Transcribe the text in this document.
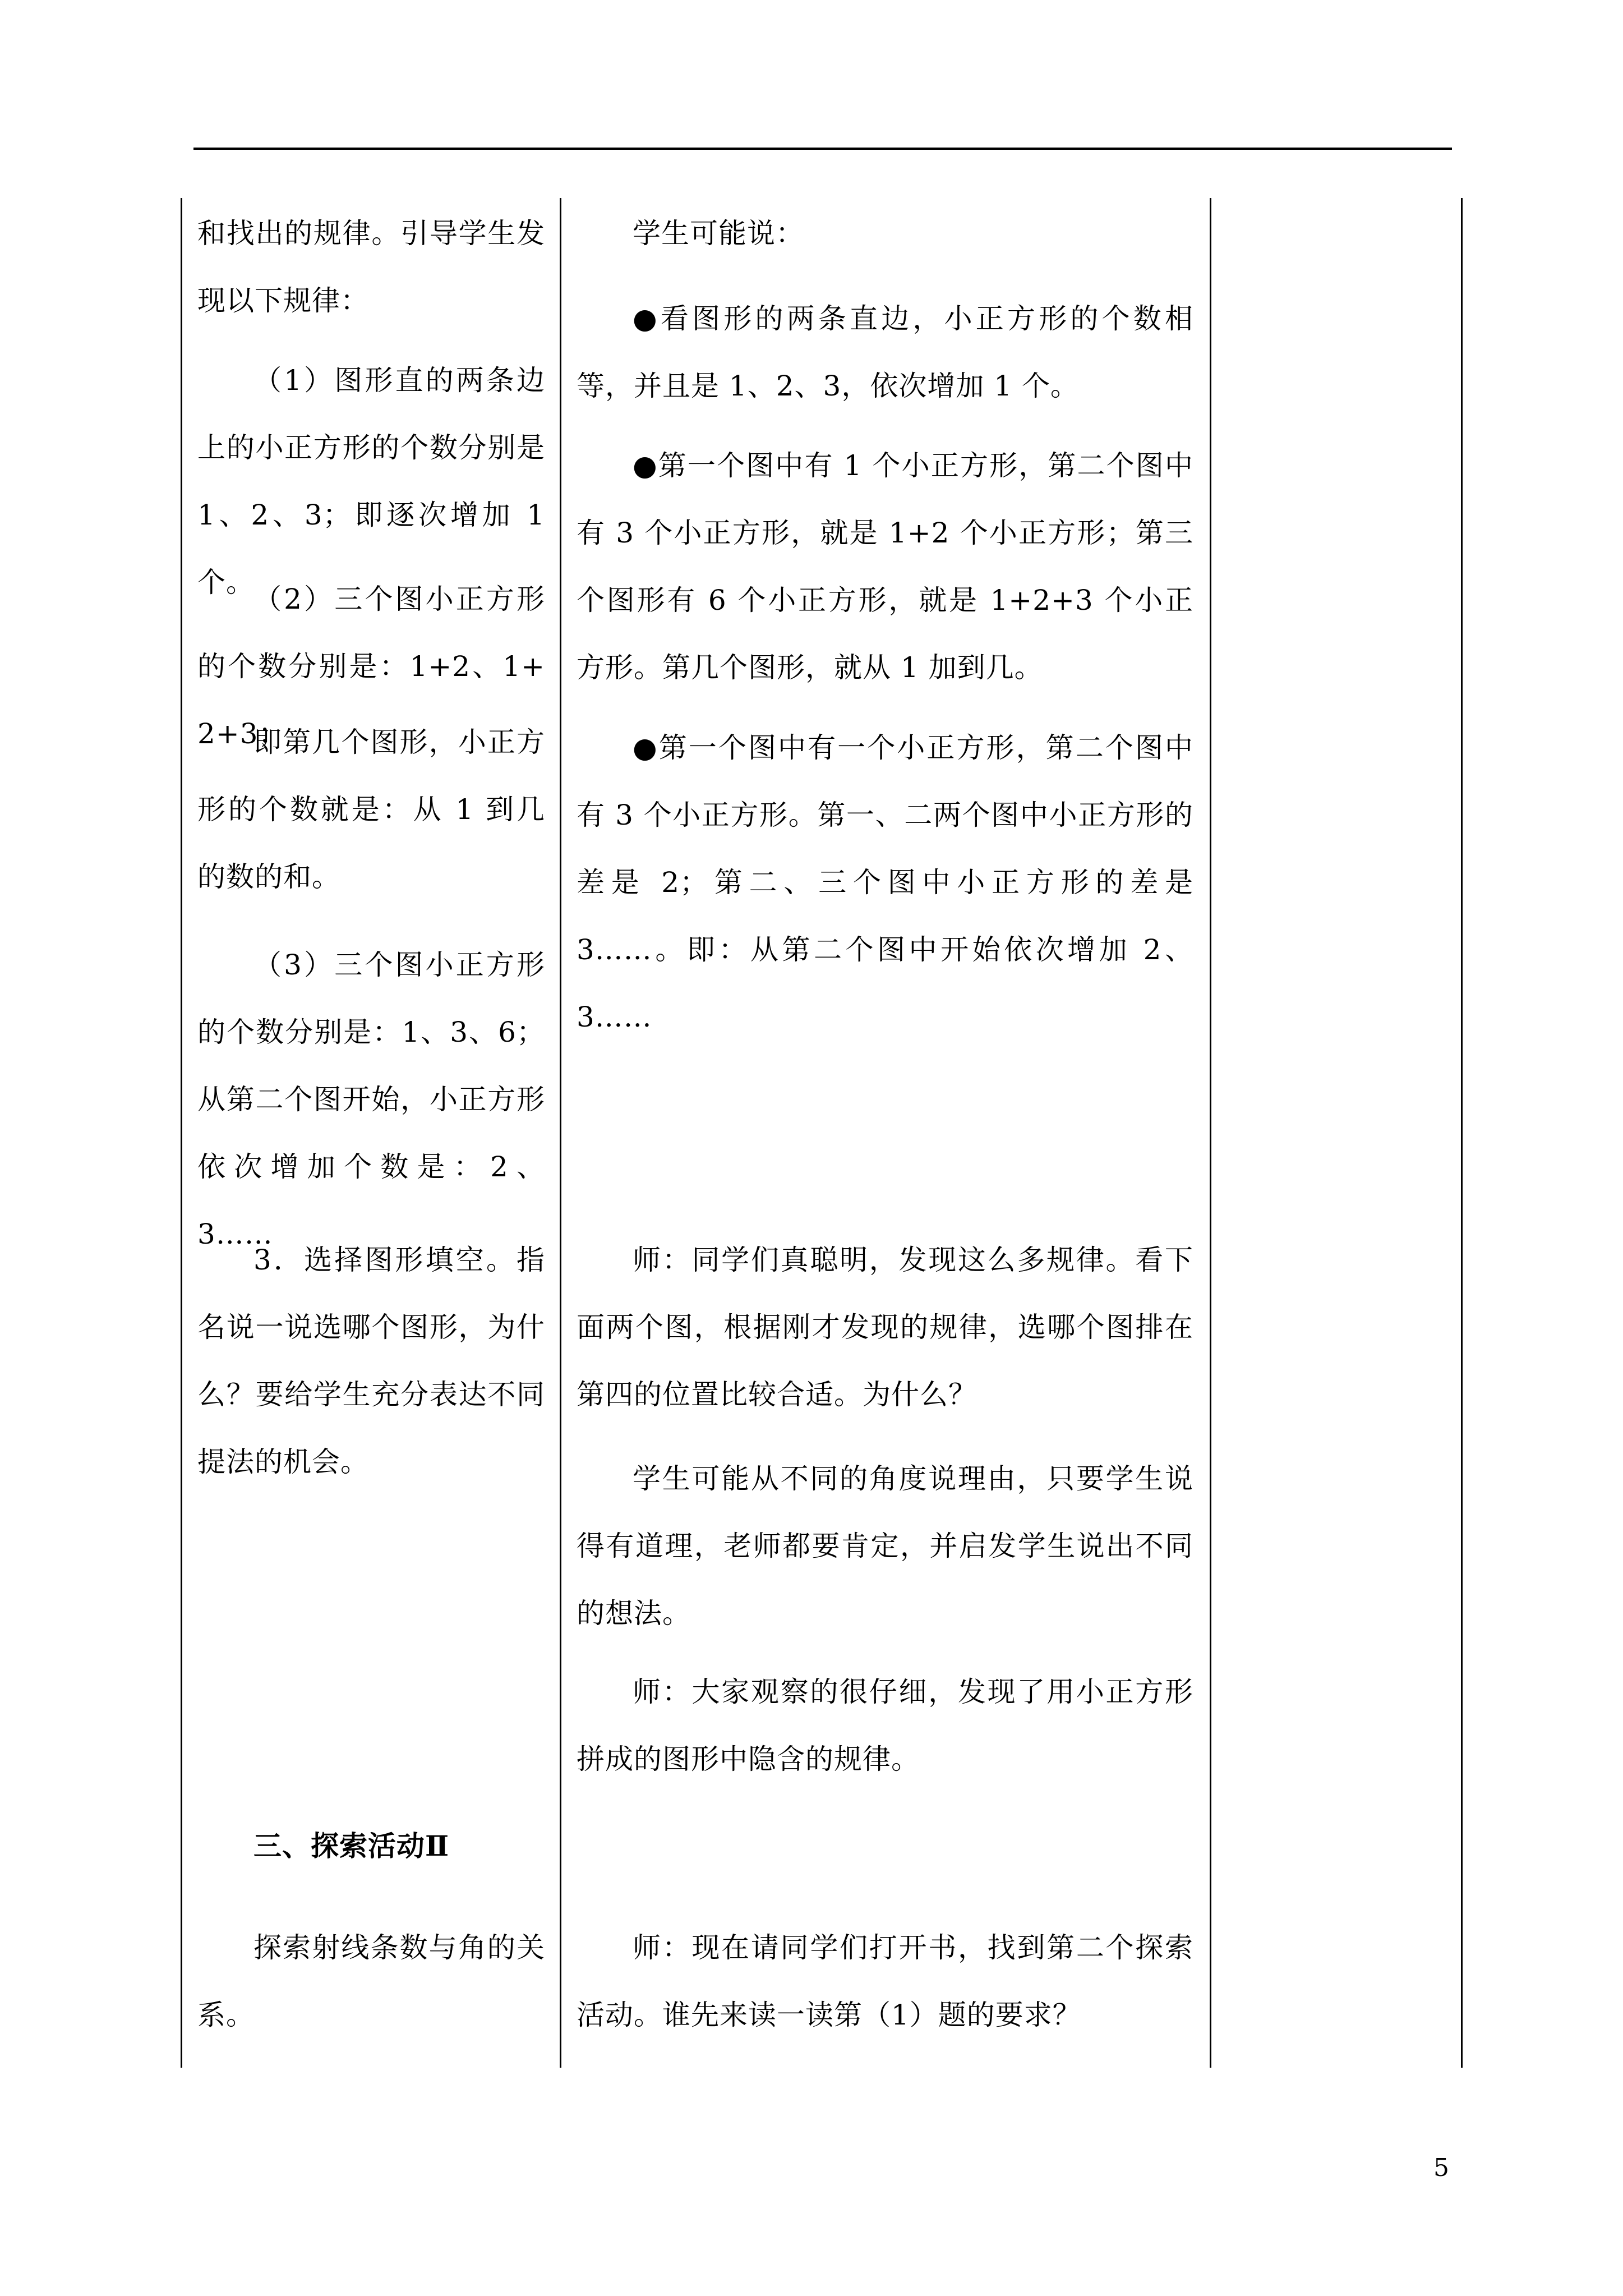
和找出的规律。引导学生发现以下规律：

（1）图形直的两条边上的小正方形的个数分别是1、2、3；即逐次增加 1 个。

（2）三个图小正方形的个数分别是：1+2、1+2+3；

即第几个图形，小正方形的个数就是：从 1 到几的数的和。

（3）三个图小正方形的个数分别是：1、3、6；从第二个图开始，小正方形依次增加个数是：2、3……

3．选择图形填空。指名说一说选哪个图形，为什么？要给学生充分表达不同提法的机会。

三、探索活动Ⅱ

探索射线条数与角的关系。

学生可能说：

●看图形的两条直边，小正方形的个数相等，并且是 1、2、3，依次增加 1 个。

●第一个图中有 1 个小正方形，第二个图中有 3 个小正方形，就是 1+2 个小正方形；第三个图形有 6 个小正方形，就是 1+2+3 个小正方形。第几个图形，就从 1 加到几。

●第一个图中有一个小正方形，第二个图中有 3 个小正方形。第一、二两个图中小正方形的差是 2；第二、三个图中小正方形的差是 3……。即：从第二个图中开始依次增加 2、3……

师：同学们真聪明，发现这么多规律。看下面两个图，根据刚才发现的规律，选哪个图排在第四的位置比较合适。为什么？

学生可能从不同的角度说理由，只要学生说得有道理，老师都要肯定，并启发学生说出不同的想法。

师：大家观察的很仔细，发现了用小正方形拼成的图形中隐含的规律。

师：现在请同学们打开书，找到第二个探索活动。谁先来读一读第（1）题的要求？

5
